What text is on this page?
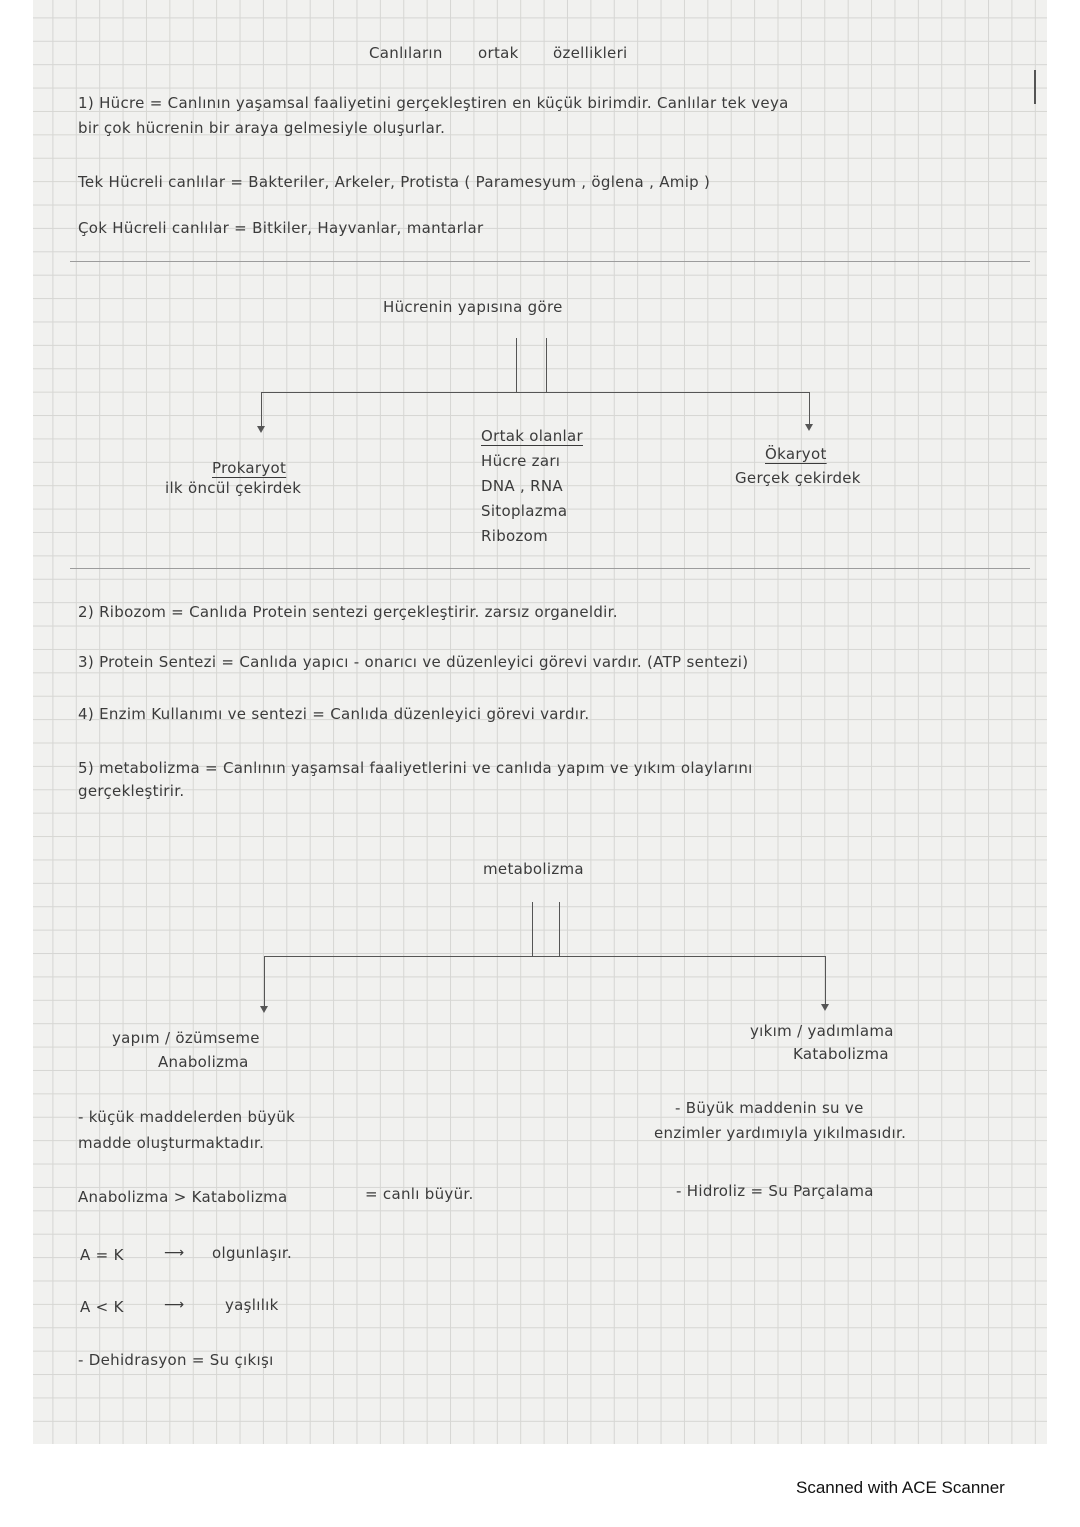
Canlıların ortak özellikleri
1) Hücre = Canlının yaşamsal faaliyetini gerçekleştiren en küçük birimdir. Canlılar tek veya
bir çok hücrenin bir araya gelmesiyle oluşurlar.
Tek Hücreli canlılar = Bakteriler, Arkeler, Protista ( Paramesyum , öglena , Amip )
Çok Hücreli canlılar = Bitkiler, Hayvanlar, mantarlar
Hücrenin yapısına göre
Prokaryot
ilk öncül çekirdek
Ortak olanlar
Hücre zarı
DNA , RNA
Sitoplazma
Ribozom
Ökaryot
Gerçek çekirdek
2) Ribozom = Canlıda Protein sentezi gerçekleştirir. zarsız organeldir.
3) Protein Sentezi = Canlıda yapıcı - onarıcı ve düzenleyici görevi vardır. (ATP sentezi)
4) Enzim Kullanımı ve sentezi = Canlıda düzenleyici görevi vardır.
5) metabolizma = Canlının yaşamsal faaliyetlerini ve canlıda yapım ve yıkım olaylarını
gerçekleştirir.
metabolizma
yapım / özümseme
Anabolizma
yıkım / yadımlama
Katabolizma
- küçük maddelerden büyük
madde oluşturmaktadır.
Anabolizma > Katabolizma	= canlı büyür.
A = K	⟶ olgunlaşır.
A < K	⟶	yaşlılık
- Dehidrasyon = Su çıkışı
- Büyük maddenin su ve
enzimler yardımıyla yıkılmasıdır.
- Hidroliz = Su Parçalama
Scanned with ACE Scanner
